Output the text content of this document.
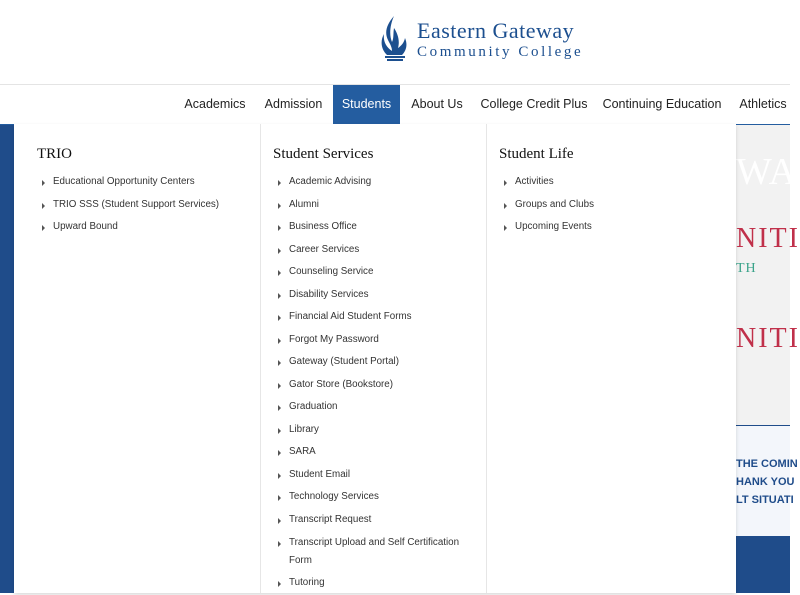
Eastern Gateway
Community College
Academics	Admission	Students	About Us	College Credit Plus	Continuing Education	Athletics
WA
NITI
TH
NITI
THE COMIN
HANK YOU
LT SITUATI
TRIO
Educational Opportunity Centers
TRIO SSS (Student Support Services)
Upward Bound
Student Services
Academic Advising
Alumni
Business Office
Career Services
Counseling Service
Disability Services
Financial Aid Student Forms
Forgot My Password
Gateway (Student Portal)
Gator Store (Bookstore)
Graduation
Library
SARA
Student Email
Technology Services
Transcript Request
Transcript Upload and Self Certification Form
Tutoring
Student Life
Activities
Groups and Clubs
Upcoming Events
